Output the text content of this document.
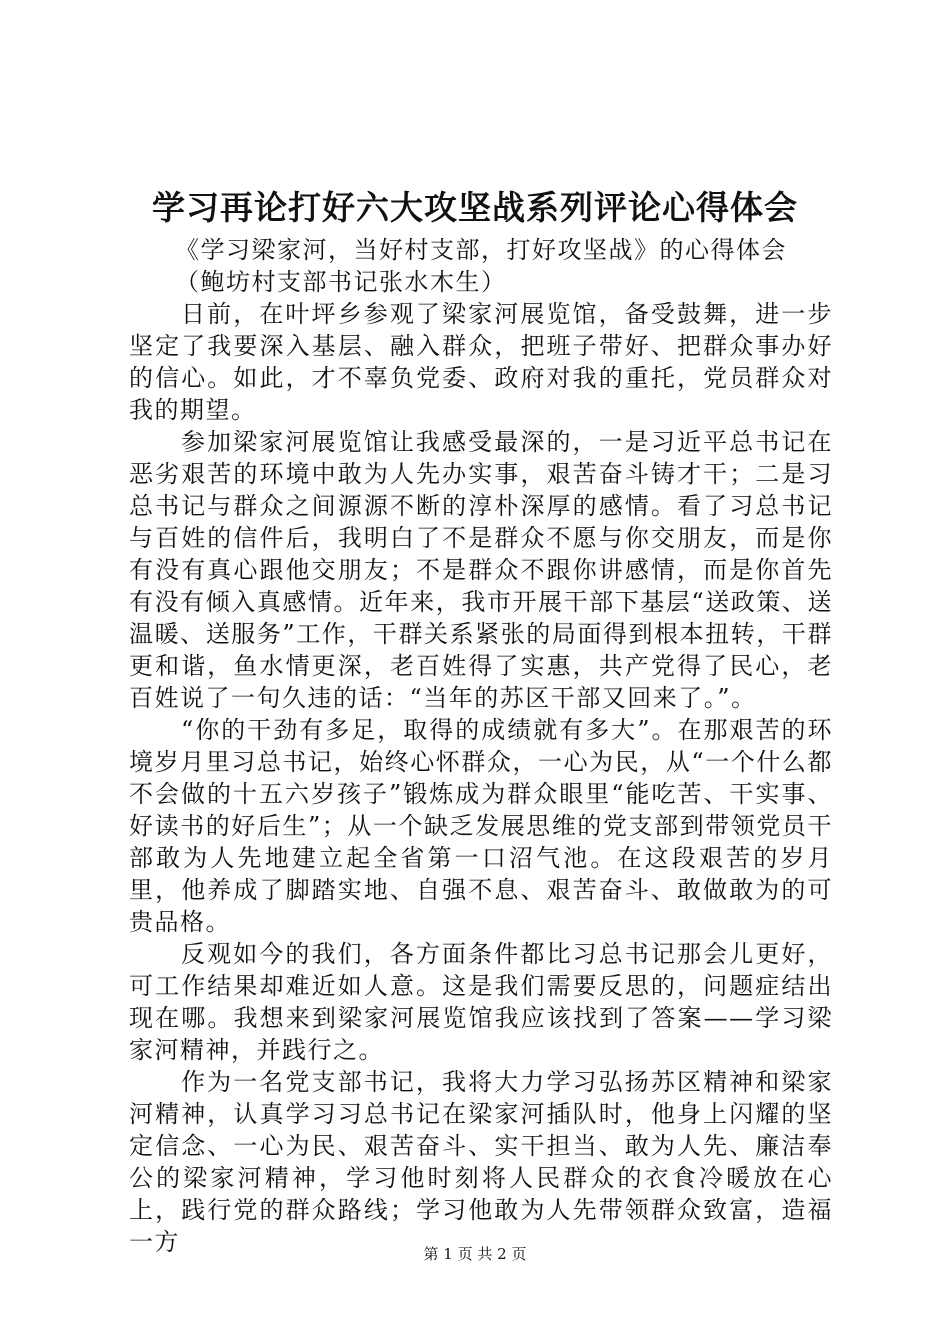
学习再论打好六大攻坚战系列评论心得体会

《学习梁家河，当好村支部，打好攻坚战》的心得体会

（鲍坊村支部书记张水木生）

日前，在叶坪乡参观了梁家河展览馆，备受鼓舞，进一步坚定了我要深入基层、融入群众，把班子带好、把群众事办好的信心。如此，才不辜负党委、政府对我的重托，党员群众对我的期望。

参加梁家河展览馆让我感受最深的，一是习近平总书记在恶劣艰苦的环境中敢为人先办实事，艰苦奋斗铸才干；二是习总书记与群众之间源源不断的淳朴深厚的感情。看了习总书记与百姓的信件后，我明白了不是群众不愿与你交朋友，而是你有没有真心跟他交朋友；不是群众不跟你讲感情，而是你首先有没有倾入真感情。近年来，我市开展干部下基层“送政策、送温暖、送服务”工作，干群关系紧张的局面得到根本扭转，干群更和谐，鱼水情更深，老百姓得了实惠，共产党得了民心，老百姓说了一句久违的话：“当年的苏区干部又回来了。”。

“你的干劲有多足，取得的成绩就有多大”。在那艰苦的环境岁月里习总书记，始终心怀群众，一心为民，从“一个什么都不会做的十五六岁孩子”锻炼成为群众眼里“能吃苦、干实事、好读书的好后生”；从一个缺乏发展思维的党支部到带领党员干部敢为人先地建立起全省第一口沼气池。在这段艰苦的岁月里，他养成了脚踏实地、自强不息、艰苦奋斗、敢做敢为的可贵品格。

反观如今的我们，各方面条件都比习总书记那会儿更好，可工作结果却难近如人意。这是我们需要反思的，问题症结出现在哪。我想来到梁家河展览馆我应该找到了答案——学习梁家河精神，并践行之。

作为一名党支部书记，我将大力学习弘扬苏区精神和梁家河精神，认真学习习总书记在梁家河插队时，他身上闪耀的坚定信念、一心为民、艰苦奋斗、实干担当、敢为人先、廉洁奉公的梁家河精神，学习他时刻将人民群众的衣食冷暖放在心上，践行党的群众路线；学习他敢为人先带领群众致富，造福一方	第 1 页 共 2 页
